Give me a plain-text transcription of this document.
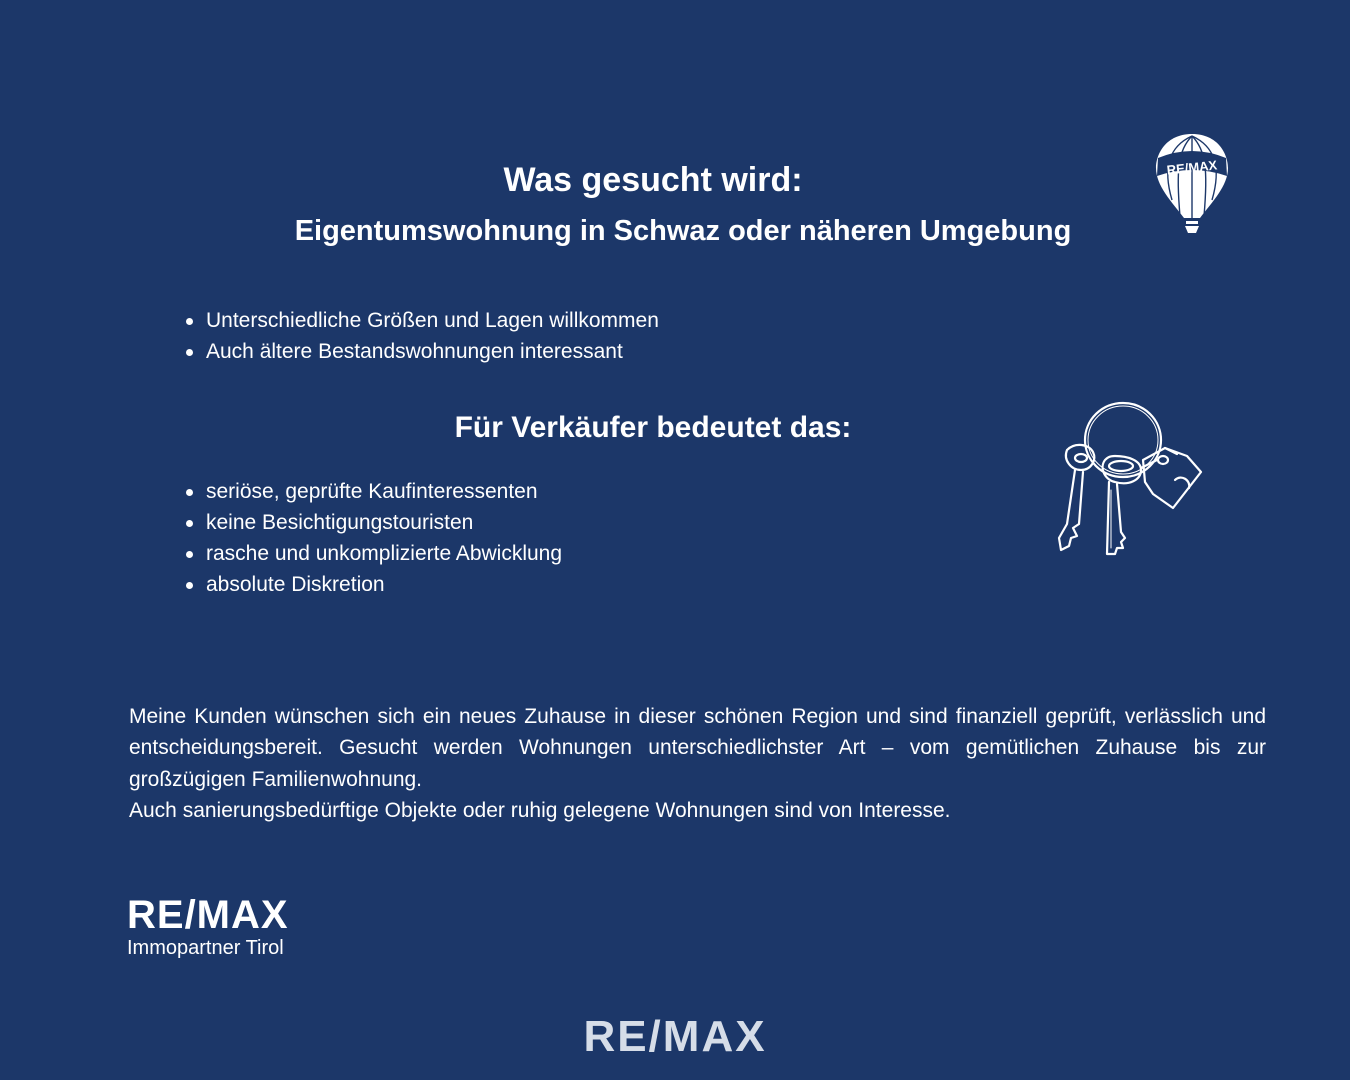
Was gesucht wird:
Eigentumswohnung in Schwaz oder näheren Umgebung
RE/MAX
Unterschiedliche Größen und Lagen willkommen
Auch ältere Bestandswohnungen interessant
Für Verkäufer bedeutet das:
seriöse, geprüfte Kaufinteressenten
keine Besichtigungstouristen
rasche und unkomplizierte Abwicklung
absolute Diskretion
Meine Kunden wünschen sich ein neues Zuhause in dieser schönen Region und sind finanziell geprüft, verlässlich und entscheidungsbereit. Gesucht werden Wohnungen unterschiedlichster Art – vom gemütlichen Zuhause bis zur großzügigen Familienwohnung.
Auch sanierungsbedürftige Objekte oder ruhig gelegene Wohnungen sind von Interesse.
RE/MAX
Immopartner Tirol
RE/MAX
